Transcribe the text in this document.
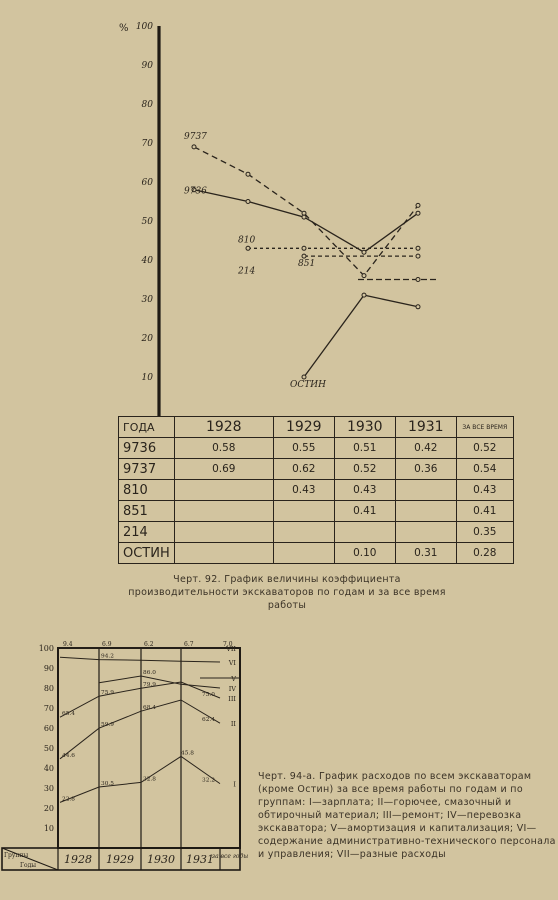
%
10
20
30
40
50
60
70
80
90
100
9737
9736
810
851
214
ОСТИН
ГОДА	1928	1929	1930	1931	ЗА ВСЕ ВРЕМЯ
9736	0.58	0.55	0.51	0.42	0.52
9737	0.69	0.62	0.52	0.36	0.54
810		0.43	0.43		0.43
851			0.41		0.41
214					0.35
ОСТИН			0.10	0.31	0.28
Черт. 92. График величины коэффициента производительности экскаваторов по годам и за все время работы
10
20
30
40
50
60
70
80
90
100
I
II
III
IV
V
VI
VII
9.4	6.9	6.2	6.7	7.0
22.8
44.6
65.4
30.5
59.9
75.9
94.2
32.8
68.4
79.9
86.0
45.8
32.2
62.4
75.0
Группы
Годы	1928 1929 1930 1931
за все годы
Черт. 94-а. График расходов по всем экскаваторам (кроме Остин) за все время работы по годам и по группам: I—зарплата; II—горючее, смазочный и обтирочный материал; III—ремонт; IV—перевозка экскаватора; V—амортизация и капитализация; VI—содержание административно-технического персонала и управления; VII—разные расходы
